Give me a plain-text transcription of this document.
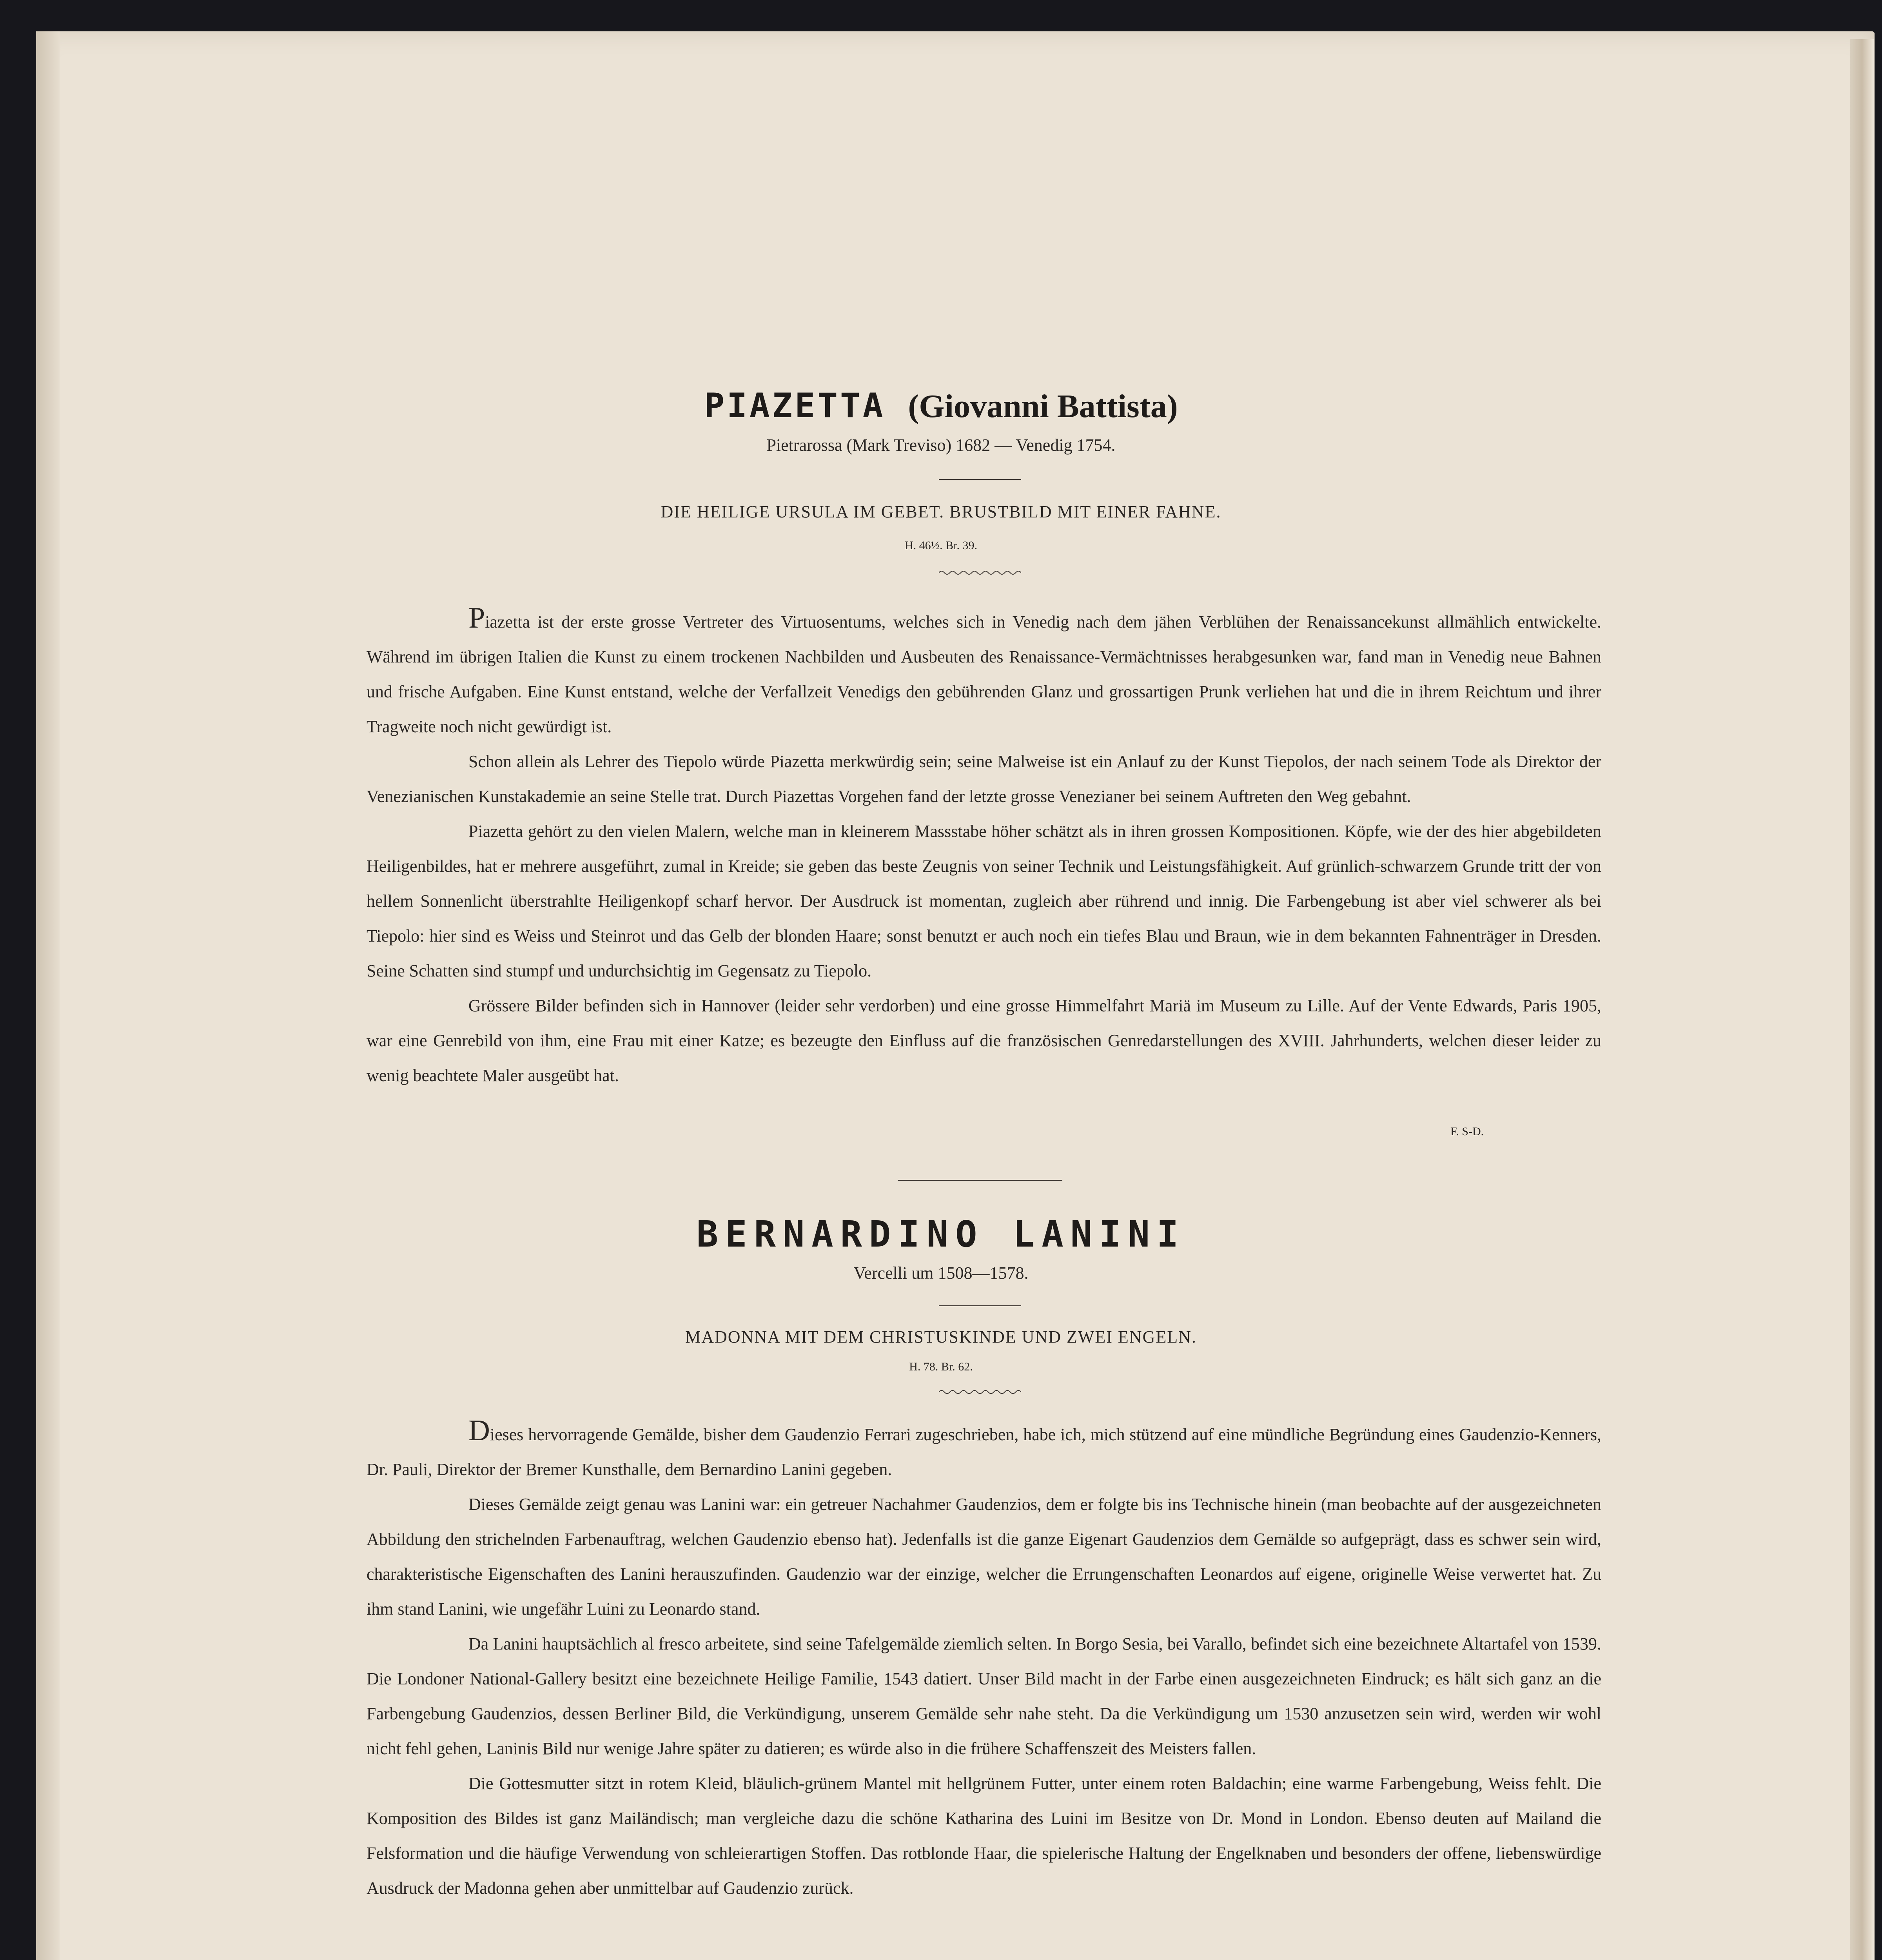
PIAZETTA (Giovanni Battista)
Pietrarossa (Mark Treviso) 1682 — Venedig 1754.
DIE HEILIGE URSULA IM GEBET. BRUSTBILD MIT EINER FAHNE.
H. 46½. Br. 39.

Piazetta ist der erste grosse Vertreter des Virtuosentums, welches sich in Venedig nach dem jähen Verblühen der Renaissancekunst allmählich entwickelte. Während im übrigen Italien die Kunst zu einem trockenen Nachbilden und Ausbeuten des Renaissance-Vermächtnisses herabgesunken war, fand man in Venedig neue Bahnen und frische Aufgaben. Eine Kunst entstand, welche der Verfallzeit Venedigs den gebührenden Glanz und grossartigen Prunk verliehen hat und die in ihrem Reichtum und ihrer Tragweite noch nicht gewürdigt ist.

Schon allein als Lehrer des Tiepolo würde Piazetta merkwürdig sein; seine Malweise ist ein Anlauf zu der Kunst Tiepolos, der nach seinem Tode als Direktor der Venezianischen Kunstakademie an seine Stelle trat. Durch Piazettas Vorgehen fand der letzte grosse Venezianer bei seinem Auftreten den Weg gebahnt.

Piazetta gehört zu den vielen Malern, welche man in kleinerem Massstabe höher schätzt als in ihren grossen Kompositionen. Köpfe, wie der des hier abgebildeten Heiligenbildes, hat er mehrere ausgeführt, zumal in Kreide; sie geben das beste Zeugnis von seiner Technik und Leistungsfähigkeit. Auf grünlich-schwarzem Grunde tritt der von hellem Sonnenlicht überstrahlte Heiligenkopf scharf hervor. Der Ausdruck ist momentan, zugleich aber rührend und innig. Die Farbengebung ist aber viel schwerer als bei Tiepolo: hier sind es Weiss und Steinrot und das Gelb der blonden Haare; sonst benutzt er auch noch ein tiefes Blau und Braun, wie in dem bekannten Fahnenträger in Dresden. Seine Schatten sind stumpf und undurchsichtig im Gegensatz zu Tiepolo.

Grössere Bilder befinden sich in Hannover (leider sehr verdorben) und eine grosse Himmelfahrt Mariä im Museum zu Lille. Auf der Vente Edwards, Paris 1905, war eine Genrebild von ihm, eine Frau mit einer Katze; es bezeugte den Einfluss auf die französischen Genredarstellungen des XVIII. Jahrhunderts, welchen dieser leider zu wenig beachtete Maler ausgeübt hat.

F. S-D.
BERNARDINO LANINI
Vercelli um 1508—1578.
MADONNA MIT DEM CHRISTUSKINDE UND ZWEI ENGELN.
H. 78. Br. 62.

Dieses hervorragende Gemälde, bisher dem Gaudenzio Ferrari zugeschrieben, habe ich, mich stützend auf eine mündliche Begründung eines Gaudenzio-Kenners, Dr. Pauli, Direktor der Bremer Kunsthalle, dem Bernardino Lanini gegeben.

Dieses Gemälde zeigt genau was Lanini war: ein getreuer Nachahmer Gaudenzios, dem er folgte bis ins Technische hinein (man beobachte auf der ausgezeichneten Abbildung den strichelnden Farbenauftrag, welchen Gaudenzio ebenso hat). Jedenfalls ist die ganze Eigenart Gaudenzios dem Gemälde so aufgeprägt, dass es schwer sein wird, charakteristische Eigenschaften des Lanini herauszufinden. Gaudenzio war der einzige, welcher die Errungenschaften Leonardos auf eigene, originelle Weise verwertet hat. Zu ihm stand Lanini, wie ungefähr Luini zu Leonardo stand.

Da Lanini hauptsächlich al fresco arbeitete, sind seine Tafelgemälde ziemlich selten. In Borgo Sesia, bei Varallo, befindet sich eine bezeichnete Altartafel von 1539. Die Londoner National-Gallery besitzt eine bezeichnete Heilige Familie, 1543 datiert. Unser Bild macht in der Farbe einen ausgezeichneten Eindruck; es hält sich ganz an die Farbengebung Gaudenzios, dessen Berliner Bild, die Verkündigung, unserem Gemälde sehr nahe steht. Da die Verkündigung um 1530 anzusetzen sein wird, werden wir wohl nicht fehl gehen, Laninis Bild nur wenige Jahre später zu datieren; es würde also in die frühere Schaffenszeit des Meisters fallen.

Die Gottesmutter sitzt in rotem Kleid, bläulich-grünem Mantel mit hellgrünem Futter, unter einem roten Baldachin; eine warme Farbengebung, Weiss fehlt. Die Komposition des Bildes ist ganz Mailändisch; man vergleiche dazu die schöne Katharina des Luini im Besitze von Dr. Mond in London. Ebenso deuten auf Mailand die Felsformation und die häufige Verwendung von schleierartigen Stoffen. Das rotblonde Haar, die spielerische Haltung der Engelknaben und besonders der offene, liebenswürdige Ausdruck der Madonna gehen aber unmittelbar auf Gaudenzio zurück.
